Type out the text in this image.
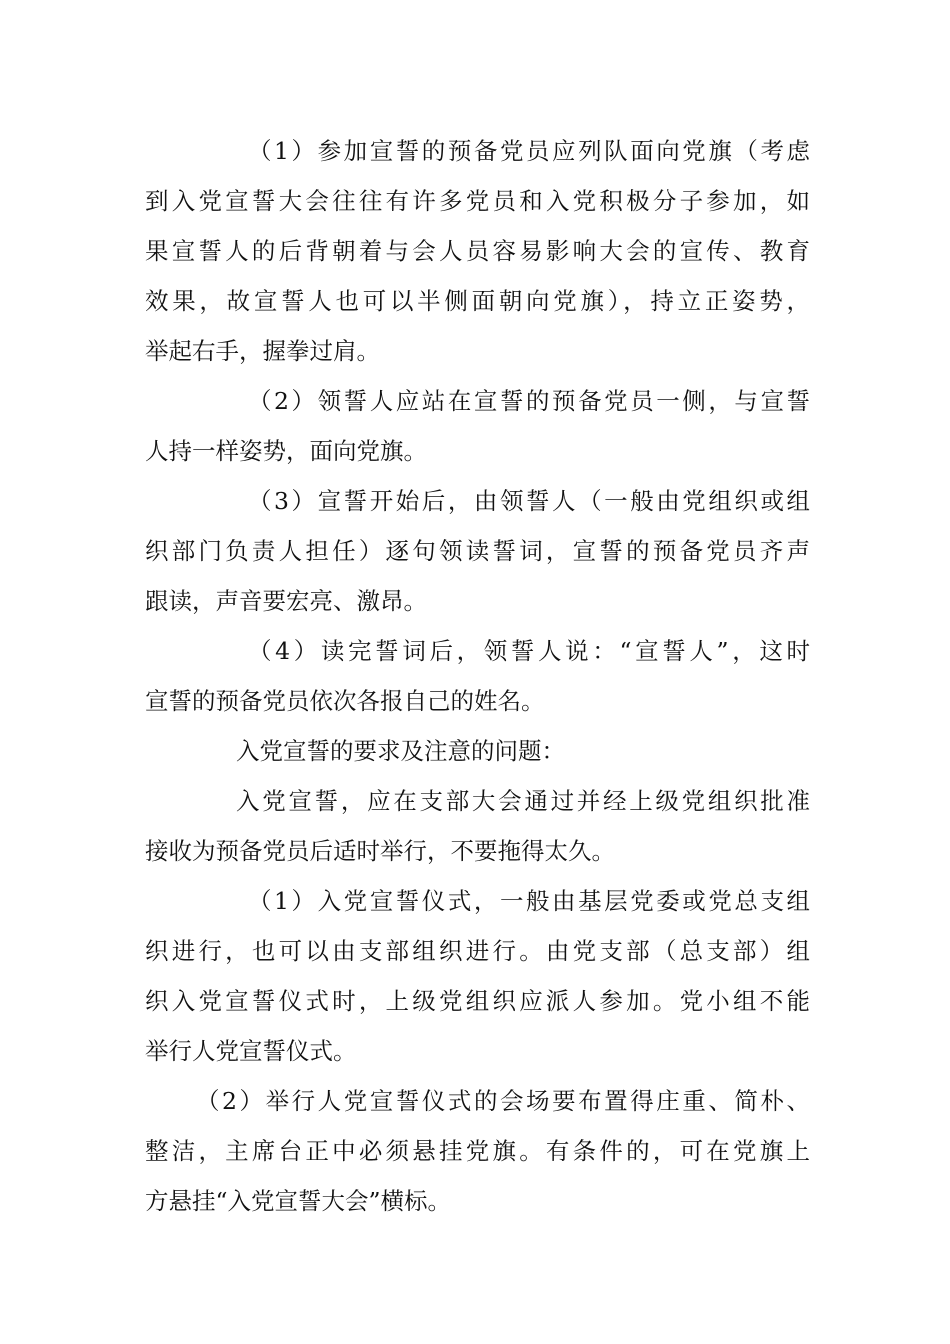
（1）参加宣誓的预备党员应列队面向党旗（考虑

到入党宣誓大会往往有许多党员和入党积极分子参加，如

果宣誓人的后背朝着与会人员容易影响大会的宣传、教育

效果，故宣誓人也可以半侧面朝向党旗），持立正姿势，

举起右手，握拳过肩。

（2）领誓人应站在宣誓的预备党员一侧，与宣誓

人持一样姿势，面向党旗。

（3）宣誓开始后，由领誓人（一般由党组织或组

织部门负责人担任）逐句领读誓词，宣誓的预备党员齐声

跟读，声音要宏亮、激昂。

（4）读完誓词后，领誓人说：“宣誓人”，这时

宣誓的预备党员依次各报自己的姓名。

入党宣誓的要求及注意的问题：

入党宣誓，应在支部大会通过并经上级党组织批准

接收为预备党员后适时举行，不要拖得太久。

（1）入党宣誓仪式，一般由基层党委或党总支组

织进行，也可以由支部组织进行。由党支部（总支部）组

织入党宣誓仪式时，上级党组织应派人参加。党小组不能

举行人党宣誓仪式。

（2）举行人党宣誓仪式的会场要布置得庄重、简朴、

整洁，主席台正中必须悬挂党旗。有条件的，可在党旗上

方悬挂“入党宣誓大会”横标。
